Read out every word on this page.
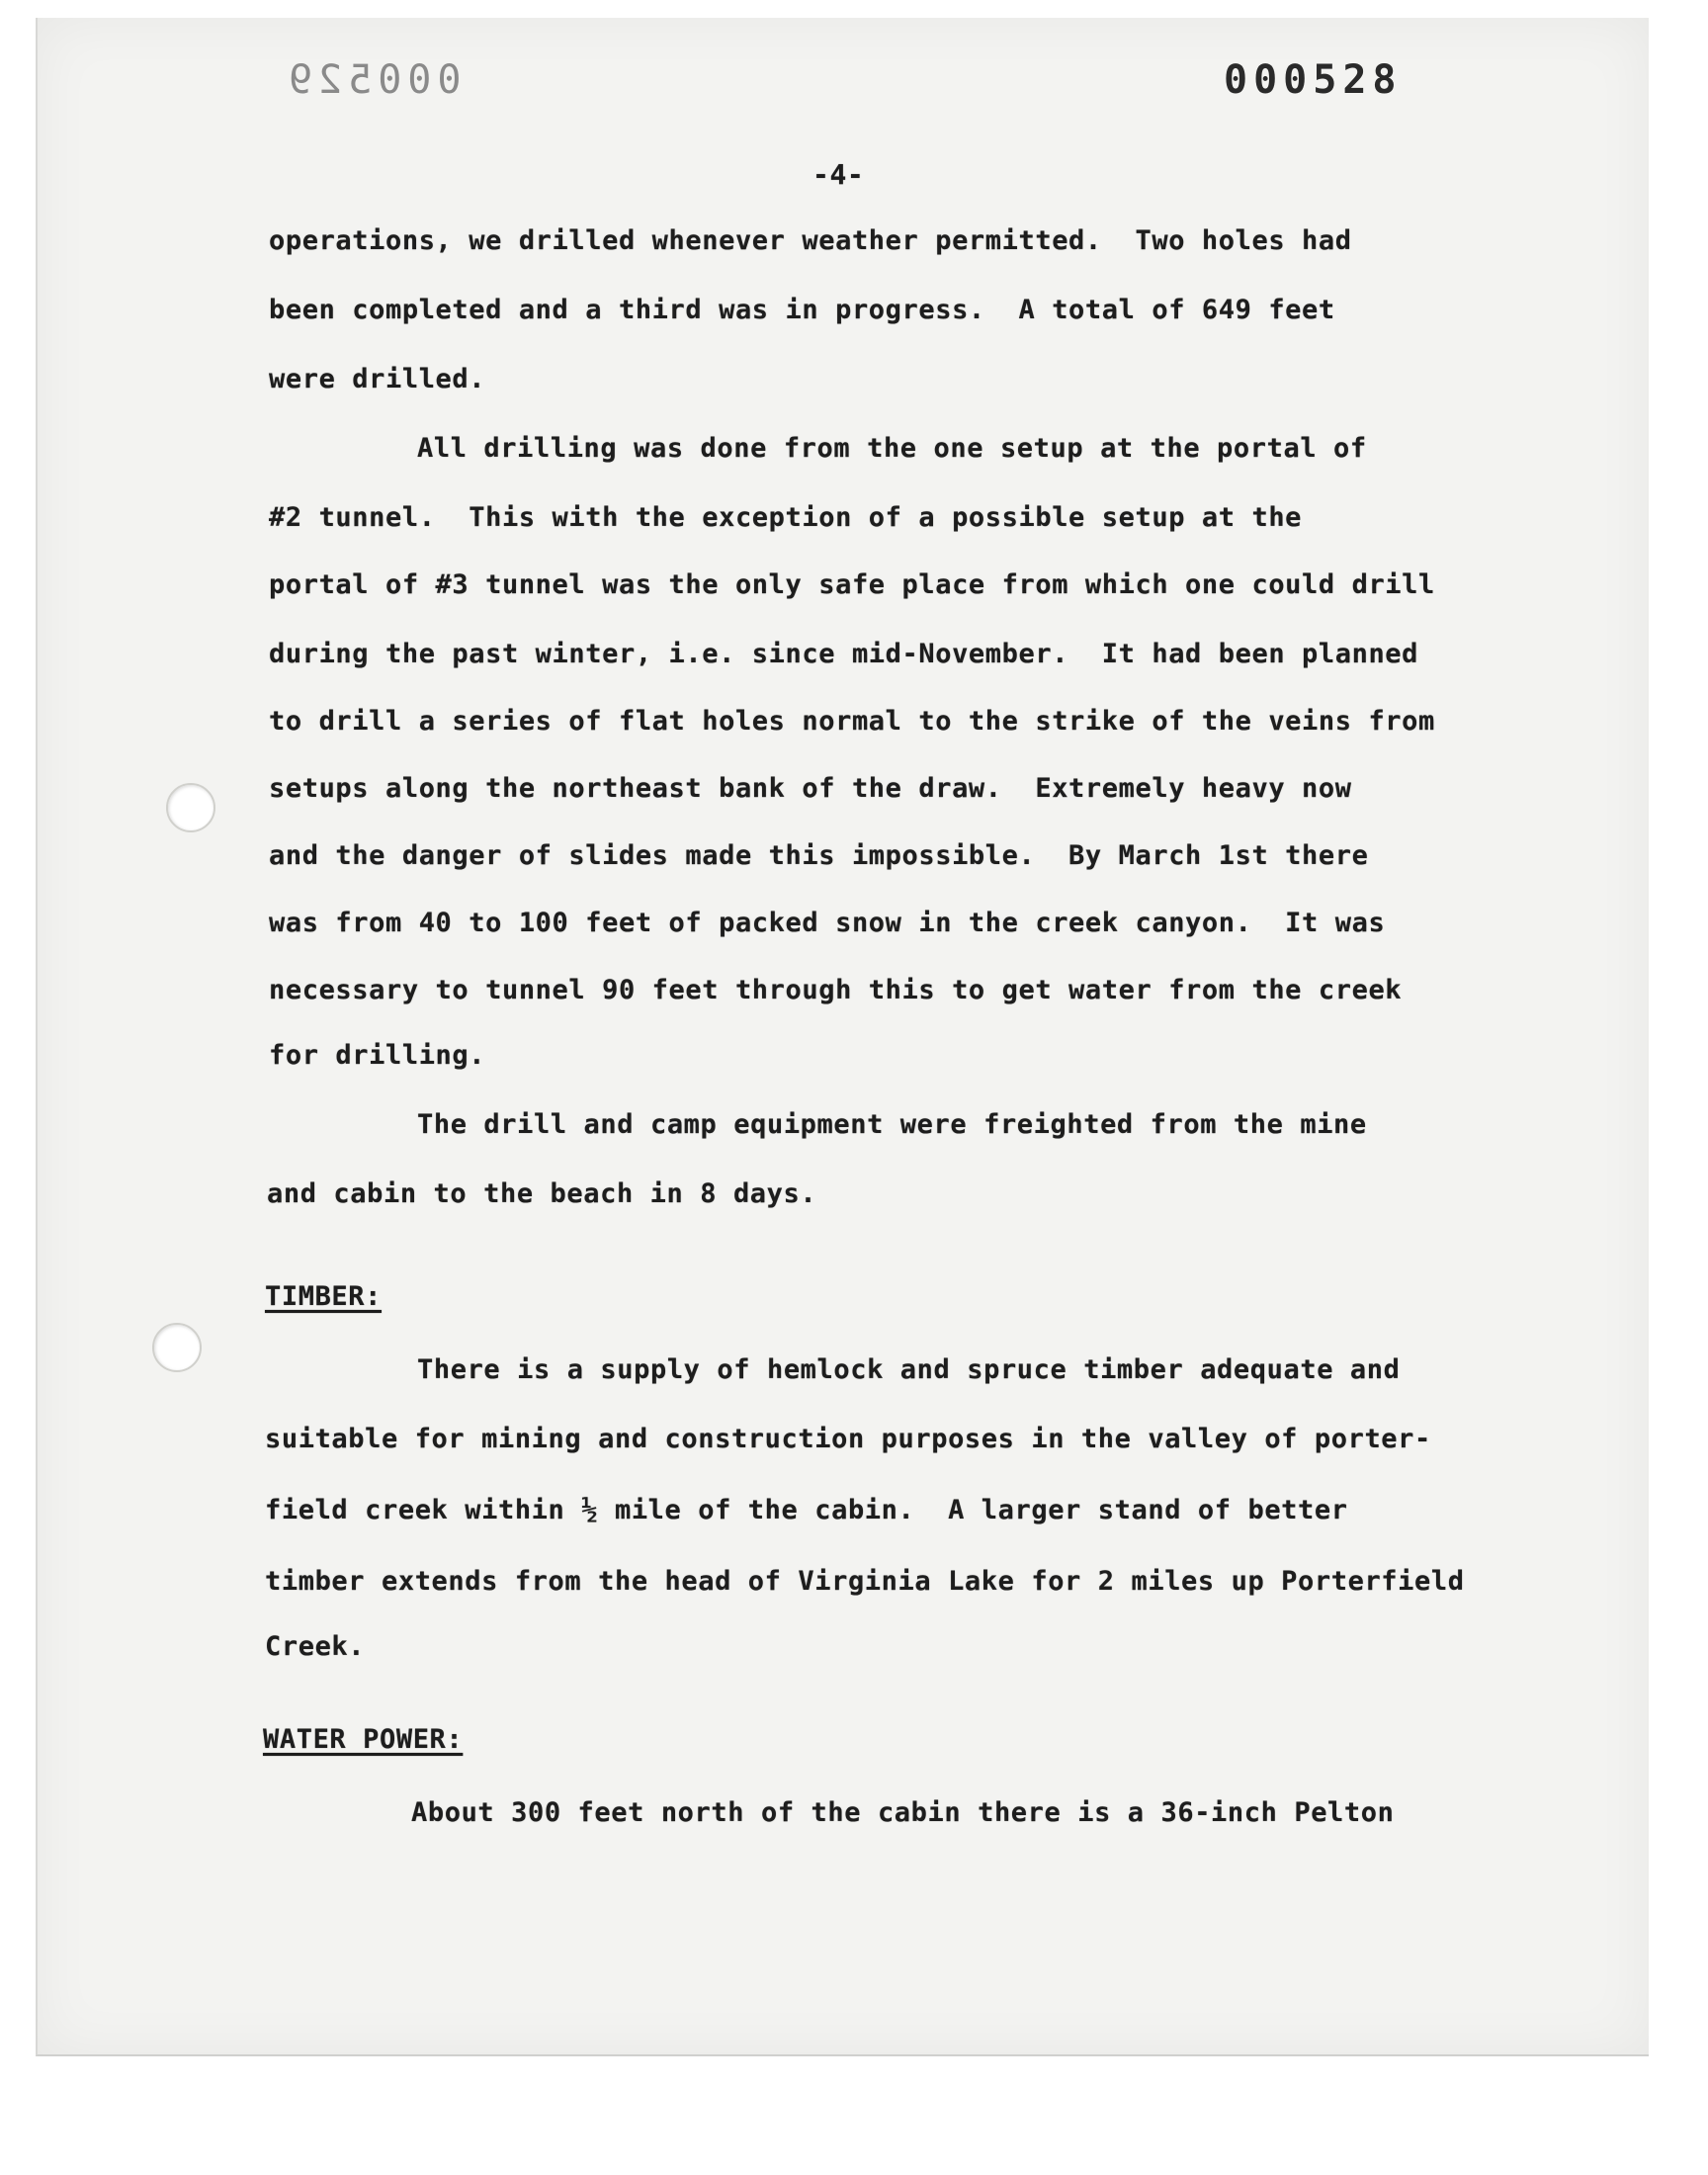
000529	000528
-4-
operations, we drilled whenever weather permitted.  Two holes had
been completed and a third was in progress.  A total of 649 feet
were drilled.
All drilling was done from the one setup at the portal of
#2 tunnel.  This with the exception of a possible setup at the
portal of #3 tunnel was the only safe place from which one could drill
during the past winter, i.e. since mid-November.  It had been planned
to drill a series of flat holes normal to the strike of the veins from
setups along the northeast bank of the draw.  Extremely heavy now
and the danger of slides made this impossible.  By March 1st there
was from 40 to 100 feet of packed snow in the creek canyon.  It was
necessary to tunnel 90 feet through this to get water from the creek
for drilling.
The drill and camp equipment were freighted from the mine
and cabin to the beach in 8 days.
TIMBER:
There is a supply of hemlock and spruce timber adequate and
suitable for mining and construction purposes in the valley of porter-
field creek within ½ mile of the cabin.  A larger stand of better
timber extends from the head of Virginia Lake for 2 miles up Porterfield
Creek.
WATER POWER:
About 300 feet north of the cabin there is a 36-inch Pelton
